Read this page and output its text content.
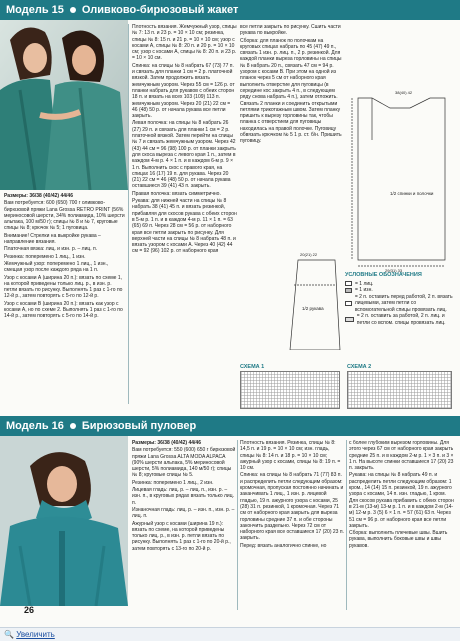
Модель 15 Оливково-бирюзовый жакет

Размеры: 36/38 (40/42) 44/46

Вам потребуется: 600 (650) 700 г оливково-бирюзовой пряжи Lana Grossa RETRO PRINT (56% мериносовой шерсти, 34% полиамида, 10% шерсти альпака, 100 м/50 г); спицы № 8 и № 7, круговые спицы № 8; крючок № 5; 1 пуговица.

Внимание! Стрелки на выкройке рукава – направление вязания.

Платочная вязка: лиц. и изн. р. – лиц. п.

Резинка: поперемено 1 лиц., 1 изн.

Жемчужный узор: поперемено 1 лиц., 1 изн., смещая узор после каждого ряда на 1 п.

Узор с косами А (ширина 20 п.): вязать по схеме 1, на которой приведены только лиц. р., в изн. р. петли вязать по рисунку. Выполнять 1 раз с 1-го по 12-й р., затем повторять с 5-го по 12-й р.

Узор с косами В (ширина 20 п.): вязать как узор с косами А, но по схеме 2. Выполнять 1 раз с 1-го по 14-й р., затем повторять с 5-го по 14-й р.

Плотность вязания. Жемчужный узор, спицы № 7: 13 п. и 23 р. = 10 × 10 см; резинка, спицы № 8: 15 п. и 21 р. = 10 × 10 см; узор с косами А, спицы № 8: 20 п. и 20 р. = 10 × 10 см; узор с косами А, спицы № 8: 20 п. и 23 р. = 10 × 10 см.

Спинка: на спицы № 8 набрать 67 (73) 77 п. и связать для планки 1 см = 2 р. платочной вязкой. Затем продолжить вязать жемчужным узором. Через 55 см = 126 р. от планки набрать для рукавов с обеих сторон 18 п. и вязать на всех 103 (109) 113 п. жемчужным узором. Через 20 (21) 22 см = 46 (48) 50 р. от начала рукава все петли закрыть.

Левая полочка: на спицы № 8 набрать 26 (27) 29 п. и связать для планки 1 см = 2 р. платочной вязкой. Затем перейти на спицы № 7 и связать жемчужным узором. Через 42 (43) 44 см = 96 (98) 100 р. от планки закрыть для скоса выреза с левого края 1 п., затем в каждом 4-м р. 4 × 1 п. и в каждом 6-м р. 9 × 1 п. Выполнить скос с правого края, на спицах 16 (17) 19 п. для рукава. Через 20 (21) 22 см = 46 (48) 50 р. от начала рукава оставшиеся 39 (41) 43 п. закрыть.

Правая полочка: вязать симметрично.

Рукава: для нижней части на спицы № 8 набрать 38 (41) 45 п. и вязать резинкой, прибавляя для скосов рукава с обеих сторон в 5-м р. 1 п. и в каждом 4-м р. 11 × 1 п. = 63 (65) 69 п. Через 28 см = 56 р. от наборного края все петли закрыть по рисунку. Для верхней части на спицы № 8 набрать 48 п. и вязать узором с косами А. Через 40 (42) 44 см = 92 (96) 102 р. от наборного края

все петли закрыть по рисунку. Сшить части рукава по выкройке.

Сборка: для планок по полочкам на круговых спицах набрать по 45 (47) 49 п., связать 1 изн. р. лиц. п., 2 р. резинкой. Для каждой планки выреза горловины на спицы № 8 набрать 20 п., связать 47 см = 94 р. узором с косами В. При этом на одной из планок через 5 см от наборного края выполнить отверстие для пуговицы (в середине кос закрыть 4 п., в следующем ряду снова набрать 4 п.), затем отложить. Связать 2 планки и соединить открытыми петлями трикотажным швом. Затем планку пришить к вырезу горловины так, чтобы планка с отверстием для пуговицы находилась на правой полочке. Пуговицу обвязать крючком № 5 1 р. ст. б/н. Пришить пуговицу.

38(40) 42
1/2 спинки и полочки
1/2 рукава
29(31) 33
20(21) 22
УСЛОВНЫЕ ОБОЗНАЧЕНИЯ
= 1 лиц.
= 1 изн.
= 2 п. оставить перед работой, 2 п. вязать лицевыми, затем петли со вспомогательной спицы провязать лиц.
= 2 п. оставить за работой, 2 п. лиц. и петли со вспом. спицы провязать лиц.
СХЕМА 1	СХЕМА 2
Модель 16 Бирюзовый пуловер
26

Размеры: 36/38 (40/42) 44/46

Вам потребуется: 550 (600) 650 г бирюзовой пряжи Lana Grossa ALTA MODA ALPACA (90% шерсти альпака, 5% мериносовой шерсти, 5% полиамида, 140 м/50 г); спицы № 8; круговые спицы № 5.

Резинка: поперемено 1 лиц., 2 изн.

Лицевая гладь: лиц. р. – лиц. п., изн. р. – изн. п., в круговых рядах вязать только лиц. п.

Изнаночная гладь: лиц. р. – изн. п., изн. р. – лиц. п.

Ажурный узор с косами (ширина 19 п.): вязать по схеме, на которой приведены только лиц. р., в изн. р. петли вязать по рисунку. Выполнять 1 раз с 1-го по 20-й р., затем повторять с 13-го по 20-й р.

Плотность вязания. Резинка, спицы № 8: 14,5 п. и 19 р. = 10 × 10 см; изн. гладь, спицы № 8: 14 п. и 18 р. = 10 × 10 см; ажурный узор с косами, спицы № 8: 19 п. = 10 см.

Спинка: на спицы № 8 набрать 71 (77) 83 п. и распределить петли следующим образом: кромочная, пропуская постоянно начинать и заканчивать 1 лиц., 1 изн. р. лицевой гладью, 19 п. ажурного узора с косами, 25 (28) 31 п. резинкой, 1 кромочная. Через 71 см от наборного края закрыть для выреза горловины средние 37 п. и обе стороны закончить раздельно. Через 72 см от наборного края все оставшиеся 17 (20) 23 п. закрыть.

Перед: вязать аналогично спинке, но

с более глубоким вырезом горловины. Для этого через 67 см от наборного края закрыть средние 25 п. и в каждом 2-м р. 1 × 3 п. и 3 × 1 п. На высоте спинки оставшиеся 17 (20) 23 п. закрыть.

Рукава: на спицы № 8 набрать 49 п. и распределить петли следующим образом: 1 кром., 14 (14) 15 п. резинкой, 19 п. ажурного узора с косами, 14 п. изн. гладью, 1 кром. Для скосов рукава прибавить с обеих сторон в 21-м (13-м) 13-м р. 1 п. и в каждом 2-м (14-м) 12-м р. 3 (5) 6 × 1 п. = 57 (61) 63 п. Через 51 см = 96 р. от наборного края все петли закрыть.

Сборка: выполнить плечевые швы. Вшить рукава, выполнить боковые швы и швы рукавов.

🔍 Увеличить
